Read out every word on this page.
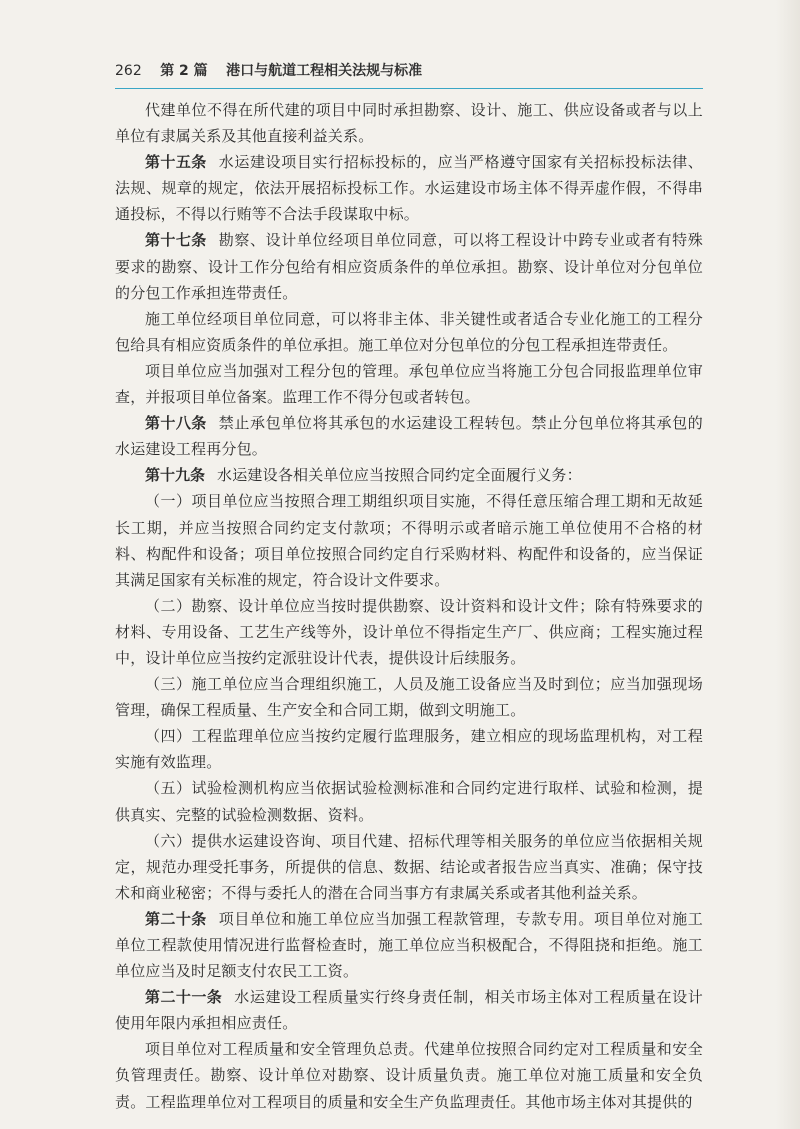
262 第 2 篇 港口与航道工程相关法规与标准

代建单位不得在所代建的项目中同时承担勘察、设计、施工、供应设备或者与以上单位有隶属关系及其他直接利益关系。

第十五条 水运建设项目实行招标投标的，应当严格遵守国家有关招标投标法律、法规、规章的规定，依法开展招标投标工作。水运建设市场主体不得弄虚作假，不得串通投标，不得以行贿等不合法手段谋取中标。

第十七条 勘察、设计单位经项目单位同意，可以将工程设计中跨专业或者有特殊要求的勘察、设计工作分包给有相应资质条件的单位承担。勘察、设计单位对分包单位的分包工作承担连带责任。

施工单位经项目单位同意，可以将非主体、非关键性或者适合专业化施工的工程分包给具有相应资质条件的单位承担。施工单位对分包单位的分包工程承担连带责任。

项目单位应当加强对工程分包的管理。承包单位应当将施工分包合同报监理单位审查，并报项目单位备案。监理工作不得分包或者转包。

第十八条 禁止承包单位将其承包的水运建设工程转包。禁止分包单位将其承包的水运建设工程再分包。

第十九条 水运建设各相关单位应当按照合同约定全面履行义务：

（一）项目单位应当按照合理工期组织项目实施，不得任意压缩合理工期和无故延长工期，并应当按照合同约定支付款项；不得明示或者暗示施工单位使用不合格的材料、构配件和设备；项目单位按照合同约定自行采购材料、构配件和设备的，应当保证其满足国家有关标准的规定，符合设计文件要求。

（二）勘察、设计单位应当按时提供勘察、设计资料和设计文件；除有特殊要求的材料、专用设备、工艺生产线等外，设计单位不得指定生产厂、供应商；工程实施过程中，设计单位应当按约定派驻设计代表，提供设计后续服务。

（三）施工单位应当合理组织施工，人员及施工设备应当及时到位；应当加强现场管理，确保工程质量、生产安全和合同工期，做到文明施工。

（四）工程监理单位应当按约定履行监理服务，建立相应的现场监理机构，对工程实施有效监理。

（五）试验检测机构应当依据试验检测标准和合同约定进行取样、试验和检测，提供真实、完整的试验检测数据、资料。

（六）提供水运建设咨询、项目代建、招标代理等相关服务的单位应当依据相关规定，规范办理受托事务，所提供的信息、数据、结论或者报告应当真实、准确；保守技术和商业秘密；不得与委托人的潜在合同当事方有隶属关系或者其他利益关系。

第二十条 项目单位和施工单位应当加强工程款管理，专款专用。项目单位对施工单位工程款使用情况进行监督检查时，施工单位应当积极配合，不得阻挠和拒绝。施工单位应当及时足额支付农民工工资。

第二十一条 水运建设工程质量实行终身责任制，相关市场主体对工程质量在设计使用年限内承担相应责任。

项目单位对工程质量和安全管理负总责。代建单位按照合同约定对工程质量和安全负管理责任。勘察、设计单位对勘察、设计质量负责。施工单位对施工质量和安全负责。工程监理单位对工程项目的质量和安全生产负监理责任。其他市场主体对其提供的
